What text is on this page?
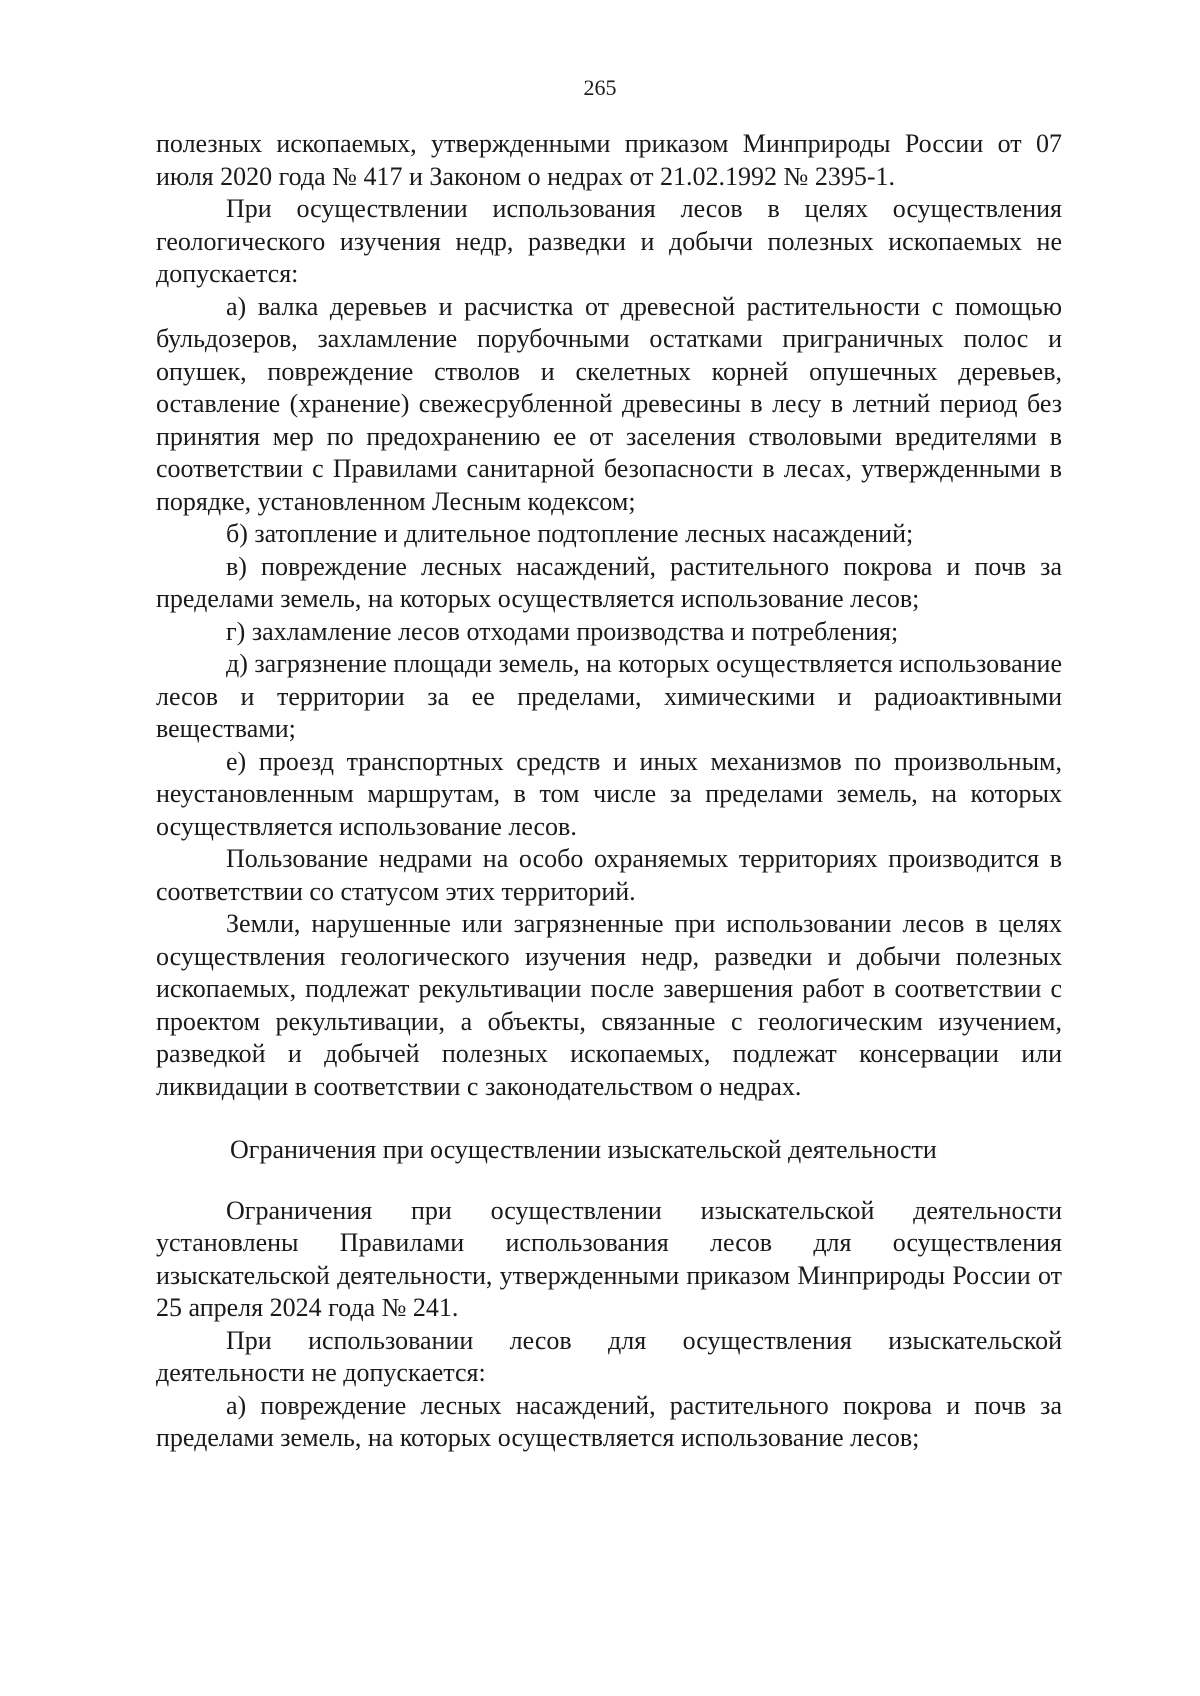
265

полезных ископаемых, утвержденными приказом Минприроды России от 07 июля 2020 года № 417 и Законом о недрах от 21.02.1992 № 2395-1.

При осуществлении использования лесов в целях осуществления геологического изучения недр, разведки и добычи полезных ископаемых не допускается:

а) валка деревьев и расчистка от древесной растительности с помощью бульдозеров, захламление порубочными остатками приграничных полос и опушек, повреждение стволов и скелетных корней опушечных деревьев, оставление (хранение) свежесрубленной древесины в лесу в летний период без принятия мер по предохранению ее от заселения стволовыми вредителями в соответствии с Правилами санитарной безопасности в лесах, утвержденными в порядке, установленном Лесным кодексом;

б) затопление и длительное подтопление лесных насаждений;

в) повреждение лесных насаждений, растительного покрова и почв за пределами земель, на которых осуществляется использование лесов;

г) захламление лесов отходами производства и потребления;

д) загрязнение площади земель, на которых осуществляется использование лесов и территории за ее пределами, химическими и радиоактивными веществами;

е) проезд транспортных средств и иных механизмов по произвольным, неустановленным маршрутам, в том числе за пределами земель, на которых осуществляется использование лесов.

Пользование недрами на особо охраняемых территориях производится в соответствии со статусом этих территорий.

Земли, нарушенные или загрязненные при использовании лесов в целях осуществления геологического изучения недр, разведки и добычи полезных ископаемых, подлежат рекультивации после завершения работ в соответствии с проектом рекультивации, а объекты, связанные с геологическим изучением, разведкой и добычей полезных ископаемых, подлежат консервации или ликвидации в соответствии с законодательством о недрах.

Ограничения при осуществлении изыскательской деятельности

Ограничения при осуществлении изыскательской деятельности установлены Правилами использования лесов для осуществления изыскательской деятельности, утвержденными приказом Минприроды России от 25 апреля 2024 года № 241.

При использовании лесов для осуществления изыскательской деятельности не допускается:

а) повреждение лесных насаждений, растительного покрова и почв за пределами земель, на которых осуществляется использование лесов;
